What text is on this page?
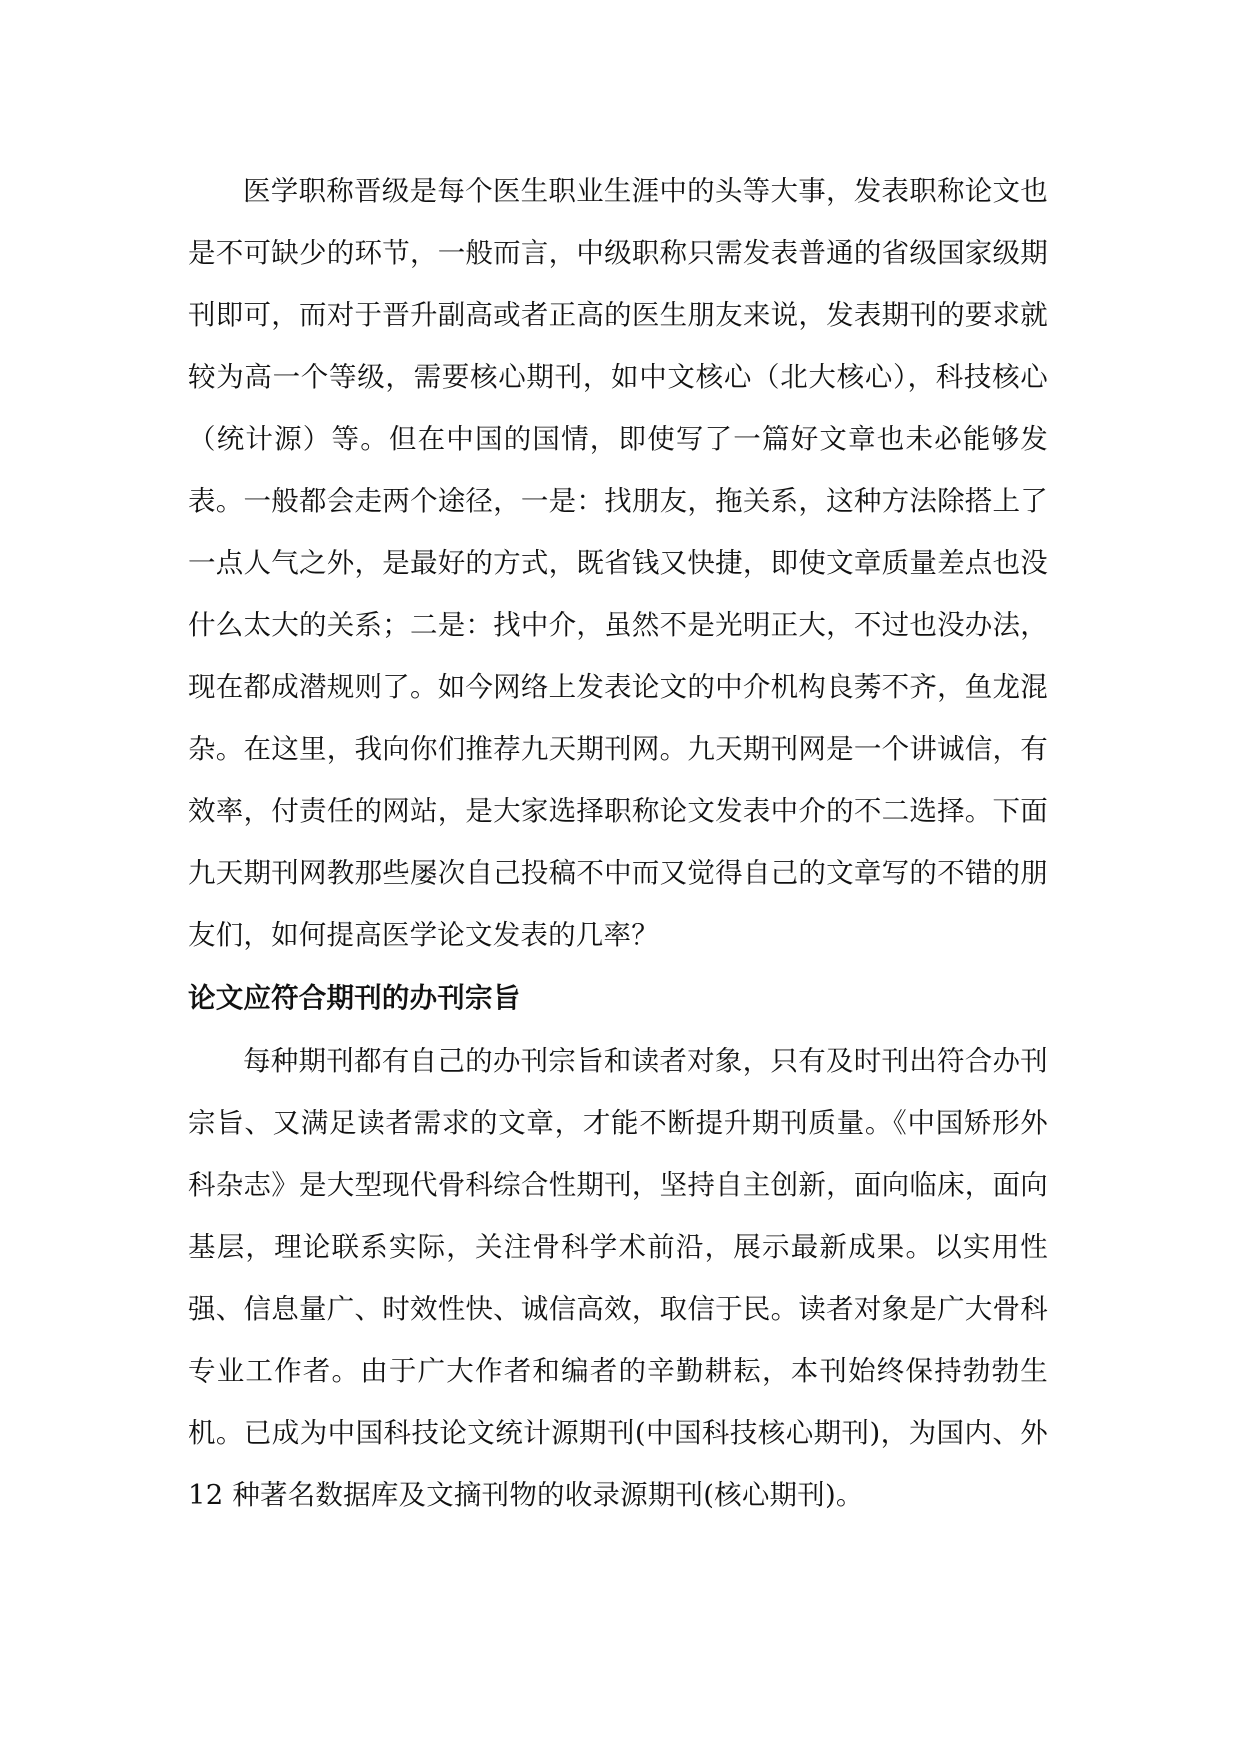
医学职称晋级是每个医生职业生涯中的头等大事，发表职称论文也是不可缺少的环节，一般而言，中级职称只需发表普通的省级国家级期刊即可，而对于晋升副高或者正高的医生朋友来说，发表期刊的要求就较为高一个等级，需要核心期刊，如中文核心（北大核心），科技核心（统计源）等。但在中国的国情，即使写了一篇好文章也未必能够发表。一般都会走两个途径，一是：找朋友，拖关系，这种方法除搭上了一点人气之外，是最好的方式，既省钱又快捷，即使文章质量差点也没什么太大的关系；二是：找中介，虽然不是光明正大，不过也没办法，现在都成潜规则了。如今网络上发表论文的中介机构良莠不齐，鱼龙混杂。在这里，我向你们推荐九天期刊网。九天期刊网是一个讲诚信，有效率，付责任的网站，是大家选择职称论文发表中介的不二选择。下面九天期刊网教那些屡次自己投稿不中而又觉得自己的文章写的不错的朋友们，如何提高医学论文发表的几率？

论文应符合期刊的办刊宗旨

每种期刊都有自己的办刊宗旨和读者对象，只有及时刊出符合办刊宗旨、又满足读者需求的文章，才能不断提升期刊质量。《中国矫形外科杂志》是大型现代骨科综合性期刊，坚持自主创新，面向临床，面向基层，理论联系实际，关注骨科学术前沿，展示最新成果。以实用性强、信息量广、时效性快、诚信高效，取信于民。读者对象是广大骨科专业工作者。由于广大作者和编者的辛勤耕耘，本刊始终保持勃勃生机。已成为中国科技论文统计源期刊(中国科技核心期刊)，为国内、外 12 种著名数据库及文摘刊物的收录源期刊(核心期刊)。
